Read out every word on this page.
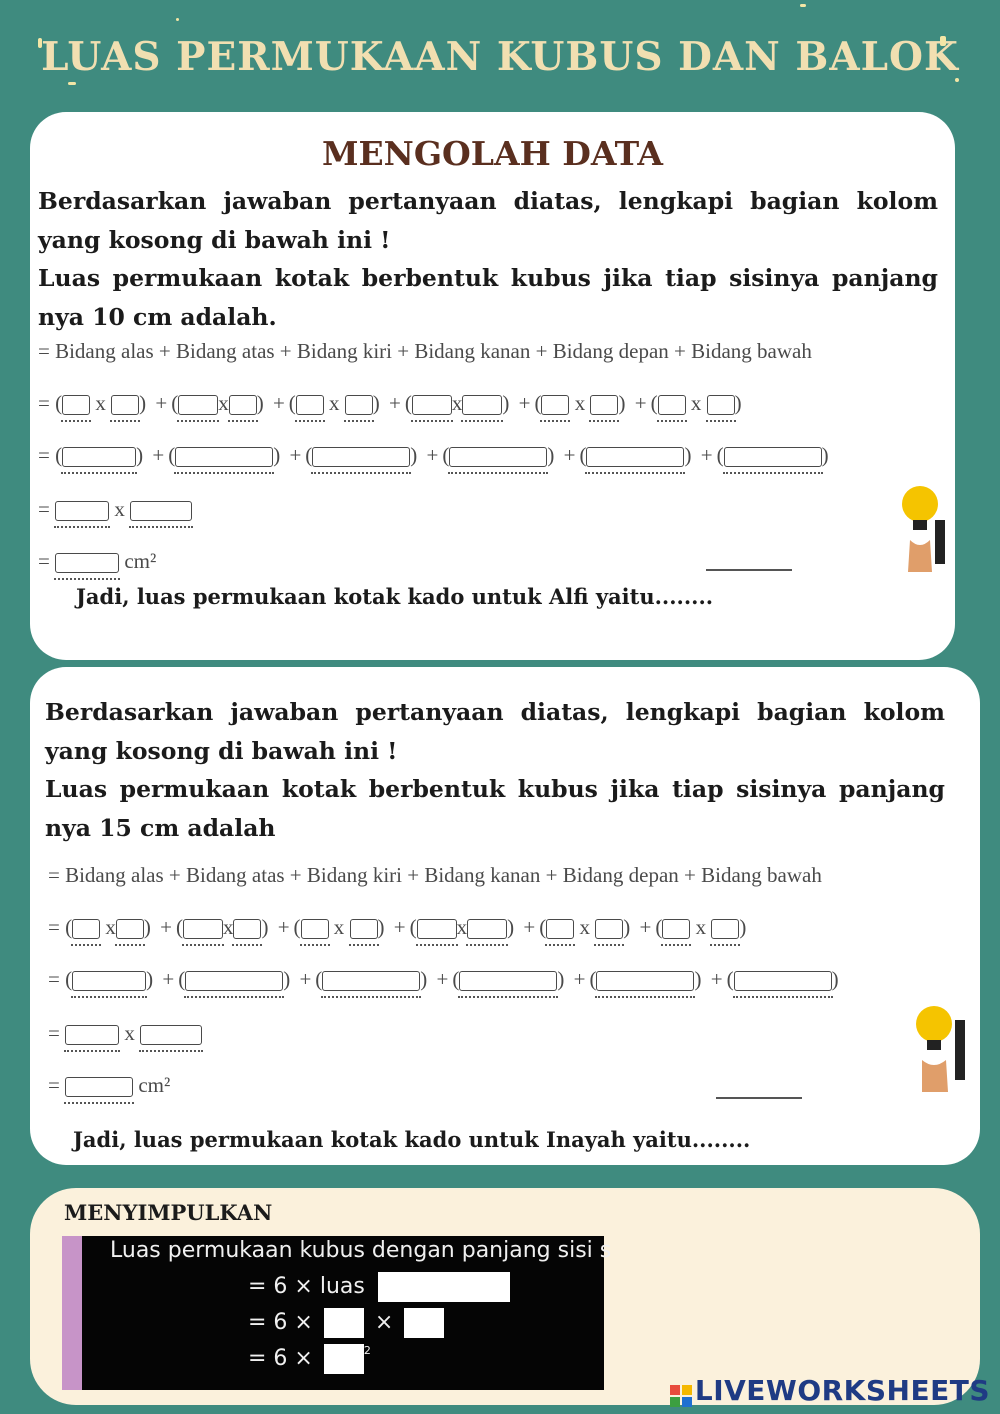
LUAS PERMUKAAN KUBUS DAN BALOK
MENGOLAH DATA

Berdasarkan jawaban pertanyaan diatas, lengkapi bagian kolom yang kosong di bawah ini !

Luas permukaan kotak berbentuk kubus jika tiap sisinya panjang nya 10 cm adalah.

= Bidang alas + Bidang atas + Bidang kiri + Bidang kanan + Bidang depan + Bidang bawah
= ( x ) + ( x ) + ( x ) + ( x ) + ( x ) + ( x )
= (	) + (	) + (	) + (	) + (	) + (	)
=	x
=	cm²
Jadi, luas permukaan kotak kado untuk Alfi yaitu........

Berdasarkan jawaban pertanyaan diatas, lengkapi bagian kolom yang kosong di bawah ini !

Luas permukaan kotak berbentuk kubus jika tiap sisinya panjang nya 15 cm adalah

= Bidang alas + Bidang atas + Bidang kiri + Bidang kanan + Bidang depan + Bidang bawah
= ( x ) + ( x ) + ( x ) + ( x ) + ( x ) + ( x )
= (	) + (	) + (	) + (	) + (	) + (	)
=	x
=	cm²
Jadi, luas permukaan kotak kado untuk Inayah yaitu........
MENYIMPULKAN
Luas permukaan kubus dengan panjang sisi s
= 6 × luas
= 6 ×	×
= 6 ×	$^2$
LIVEWORKSHEETS
